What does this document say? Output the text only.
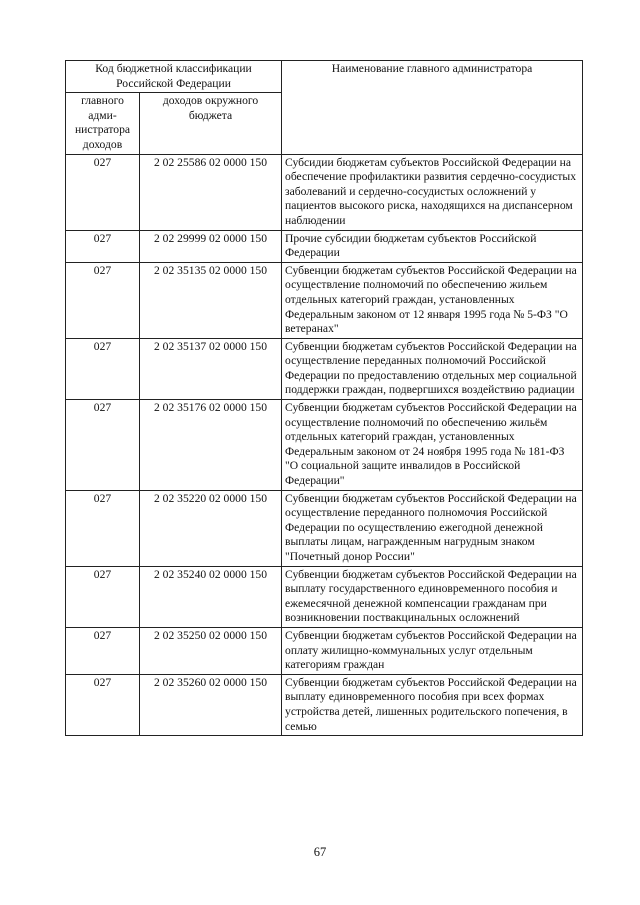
Код бюджетной классификации Российской Федерации		Наименование главного администратора
главного адми-нистратора доходов	доходов окружного бюджета	
027	2 02 25586 02 0000 150	Субсидии бюджетам субъектов Российской Федерации на обеспечение профилактики развития сердечно-сосудистых заболеваний и сердечно-сосудистых осложнений у пациентов высокого риска, находящихся на диспансерном наблюдении
027	2 02 29999 02 0000 150	Прочие субсидии бюджетам субъектов Российской Федерации
027	2 02 35135 02 0000 150	Субвенции бюджетам субъектов Российской Федерации на осуществление полномочий по обеспечению жильем отдельных категорий граждан, установленных Федеральным законом от 12 января 1995 года № 5-ФЗ "О ветеранах"
027	2 02 35137 02 0000 150	Субвенции бюджетам субъектов Российской Федерации на осуществление переданных полномочий Российской Федерации по предоставлению отдельных мер социальной поддержки граждан, подвергшихся воздействию радиации
027	2 02 35176 02 0000 150	Субвенции бюджетам субъектов Российской Федерации на осуществление полномочий по обеспечению жильём отдельных категорий граждан, установленных Федеральным законом от 24 ноября 1995 года № 181-ФЗ "О социальной защите инвалидов в Российской Федерации"
027	2 02 35220 02 0000 150	Субвенции бюджетам субъектов Российской Федерации на осуществление переданного полномочия Российской Федерации по осуществлению ежегодной денежной выплаты лицам, награжденным нагрудным знаком "Почетный донор России"
027	2 02 35240 02 0000 150	Субвенции бюджетам субъектов Российской Федерации на выплату государственного единовременного пособия и ежемесячной денежной компенсации гражданам при возникновении поствакцинальных осложнений
027	2 02 35250 02 0000 150	Субвенции бюджетам субъектов Российской Федерации на оплату жилищно-коммунальных услуг отдельным категориям граждан
027	2 02 35260 02 0000 150	Субвенции бюджетам субъектов Российской Федерации на выплату единовременного пособия при всех формах устройства детей, лишенных родительского попечения, в семью
67
